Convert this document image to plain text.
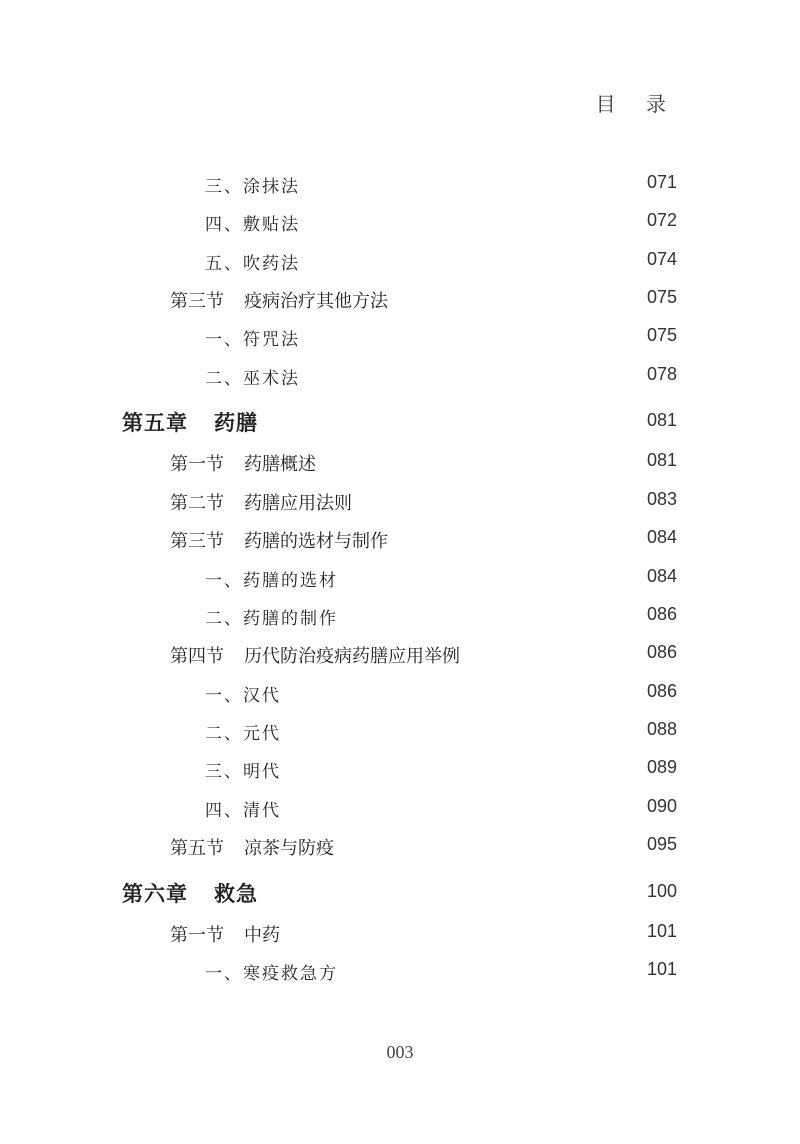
目 录
三、涂抹法	071
四、敷贴法	072
五、吹药法	074
第三节 疫病治疗其他方法	075
一、符咒法	075
二、巫术法	078
第五章 药膳	081
第一节 药膳概述	081
第二节 药膳应用法则	083
第三节 药膳的选材与制作	084
一、药膳的选材	084
二、药膳的制作	086
第四节 历代防治疫病药膳应用举例	086
一、汉代	086
二、元代	088
三、明代	089
四、清代	090
第五节 凉茶与防疫	095
第六章 救急	100
第一节 中药	101
一、寒疫救急方	101
003
